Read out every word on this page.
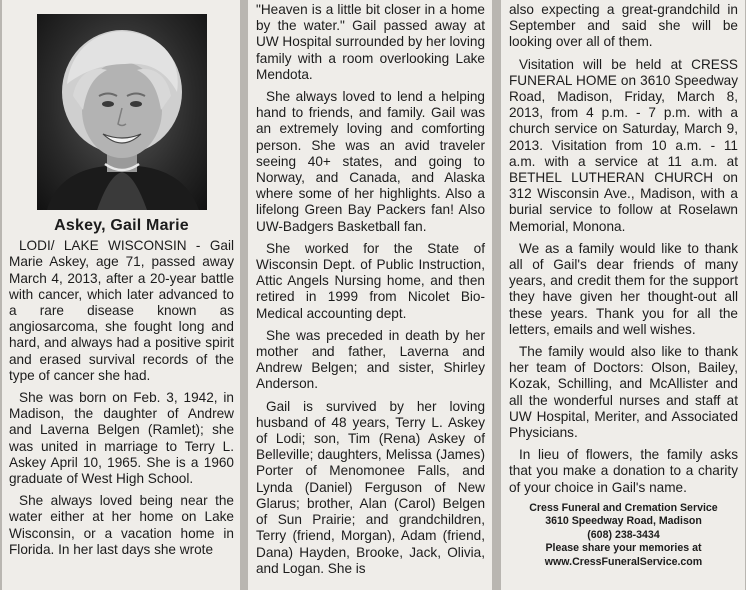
Askey, Gail Marie

LODI/ LAKE WISCONSIN - Gail Marie Askey, age 71, passed away March 4, 2013, after a 20-year battle with cancer, which later advanced to a rare disease known as angiosarcoma, she fought long and hard, and always had a positive spirit and erased survival records of the type of cancer she had.

She was born on Feb. 3, 1942, in Madison, the daughter of Andrew and Laverna Belgen (Ramlet); she was united in marriage to Terry L. Askey April 10, 1965. She is a 1960 graduate of West High School.

She always loved being near the water either at her home on Lake Wisconsin, or a vacation home in Florida. In her last days she wrote

"Heaven is a little bit closer in a home by the water." Gail passed away at UW Hospital surrounded by her loving family with a room overlooking Lake Mendota.

She always loved to lend a helping hand to friends, and family. Gail was an extremely loving and comforting person. She was an avid traveler seeing 40+ states, and going to Norway, and Canada, and Alaska where some of her highlights. Also a lifelong Green Bay Packers fan! Also UW-Badgers Basketball fan.

She worked for the State of Wisconsin Dept. of Public Instruction, Attic Angels Nursing home, and then retired in 1999 from Nicolet Bio-Medical accounting dept.

She was preceded in death by her mother and father, Laverna and Andrew Belgen; and sister, Shirley Anderson.

Gail is survived by her loving husband of 48 years, Terry L. Askey of Lodi; son, Tim (Rena) Askey of Belleville; daughters, Melissa (James) Porter of Menomonee Falls, and Lynda (Daniel) Ferguson of New Glarus; brother, Alan (Carol) Belgen of Sun Prairie; and grandchildren, Terry (friend, Morgan), Adam (friend, Dana) Hayden, Brooke, Jack, Olivia, and Logan. She is

also expecting a great-grandchild in September and said she will be looking over all of them.

Visitation will be held at CRESS FUNERAL HOME on 3610 Speedway Road, Madison, Friday, March 8, 2013, from 4 p.m. - 7 p.m. with a church service on Saturday, March 9, 2013. Visitation from 10 a.m. - 11 a.m. with a service at 11 a.m. at BETHEL LUTHERAN CHURCH on 312 Wisconsin Ave., Madison, with a burial service to follow at Roselawn Memorial, Monona.

We as a family would like to thank all of Gail's dear friends of many years, and credit them for the support they have given her thought-out all these years. Thank you for all the letters, emails and well wishes.

The family would also like to thank her team of Doctors: Olson, Bailey, Kozak, Schilling, and McAllister and all the wonderful nurses and staff at UW Hospital, Meriter, and Associated Physicians.

In lieu of flowers, the family asks that you make a donation to a charity of your choice in Gail's name.

Cress Funeral and Cremation Service
3610 Speedway Road, Madison
(608) 238-3434
Please share your memories at
www.CressFuneralService.com
